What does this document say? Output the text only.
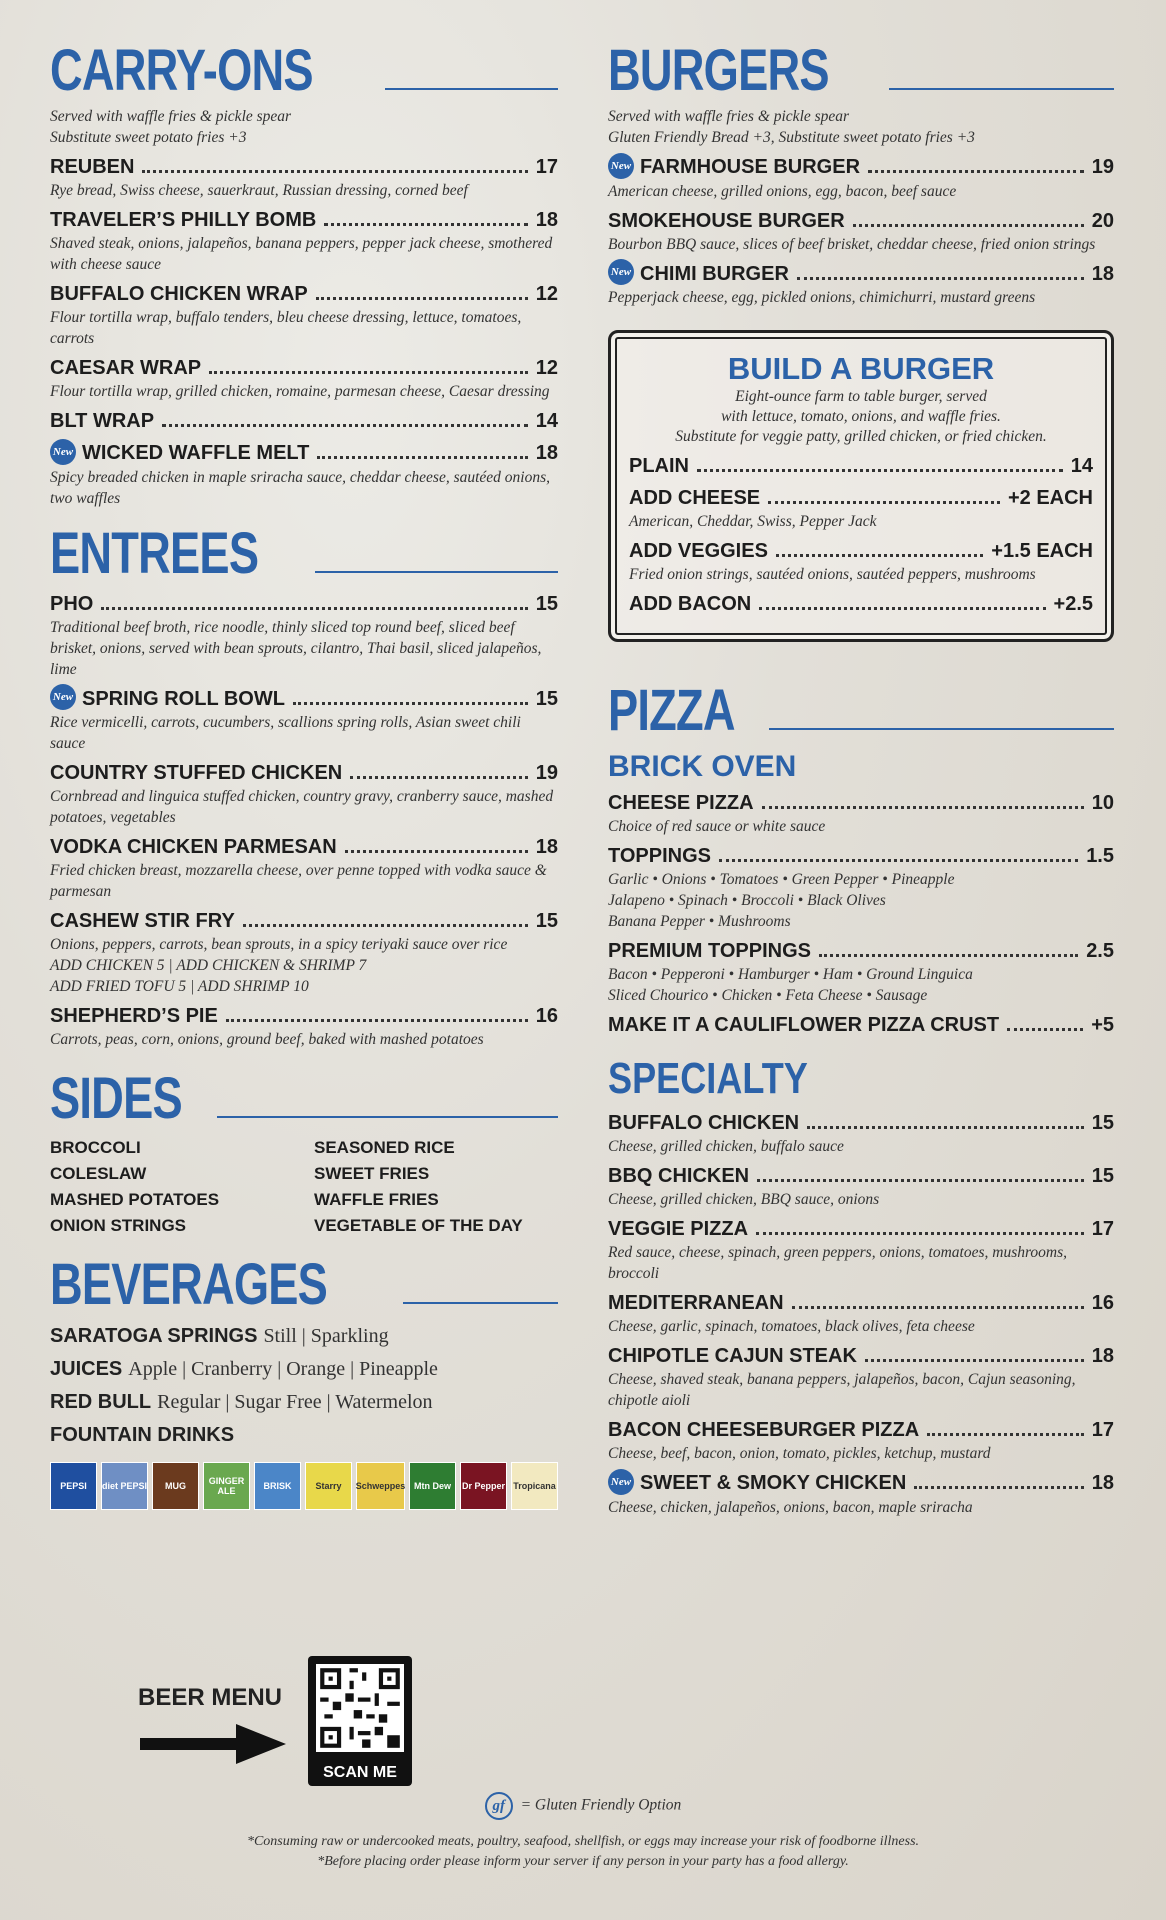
CARRY-ONS
Served with waffle fries & pickle spear
Substitute sweet potato fries +3
REUBEN	17
Rye bread, Swiss cheese, sauerkraut, Russian dressing, corned beef
TRAVELER’S PHILLY BOMB	18
Shaved steak, onions, jalapeños, banana peppers, pepper jack cheese, smothered with cheese sauce
BUFFALO CHICKEN WRAP	12
Flour tortilla wrap, buffalo tenders, bleu cheese dressing, lettuce, tomatoes, carrots
CAESAR WRAP	12
Flour tortilla wrap, grilled chicken, romaine, parmesan cheese, Caesar dressing
BLT WRAP	14
New WICKED WAFFLE MELT	18
Spicy breaded chicken in maple sriracha sauce, cheddar cheese, sautéed onions, two waffles
ENTREES
PHO	15
Traditional beef broth, rice noodle, thinly sliced top round beef, sliced beef brisket, onions, served with bean sprouts, cilantro, Thai basil, sliced jalapeños, lime
New SPRING ROLL BOWL	15
Rice vermicelli, carrots, cucumbers, scallions spring rolls, Asian sweet chili sauce
COUNTRY STUFFED CHICKEN	19
Cornbread and linguica stuffed chicken, country gravy, cranberry sauce, mashed potatoes, vegetables
VODKA CHICKEN PARMESAN	18
Fried chicken breast, mozzarella cheese, over penne topped with vodka sauce & parmesan
CASHEW STIR FRY	15
Onions, peppers, carrots, bean sprouts, in a spicy teriyaki sauce over rice
ADD CHICKEN 5 | ADD CHICKEN & SHRIMP 7
ADD FRIED TOFU 5 | ADD SHRIMP 10
SHEPHERD’S PIE	16
Carrots, peas, corn, onions, ground beef, baked with mashed potatoes
SIDES
BROCCOLI	SEASONED RICE
COLESLAW	SWEET FRIES
MASHED POTATOES	WAFFLE FRIES
ONION STRINGS	VEGETABLE OF THE DAY
BEVERAGES
SARATOGA SPRINGS Still | Sparkling
JUICES Apple | Cranberry | Orange | Pineapple
RED BULL Regular | Sugar Free | Watermelon
FOUNTAIN DRINKS
PEPSI	diet PEPSI	MUG	GINGER ALE	BRISK	Starry	Schweppes Mtn Dew	Dr Pepper Tropicana
BURGERS
Served with waffle fries & pickle spear
Gluten Friendly Bread +3, Substitute sweet potato fries +3
New FARMHOUSE BURGER	19
American cheese, grilled onions, egg, bacon, beef sauce
SMOKEHOUSE BURGER	20
Bourbon BBQ sauce, slices of beef brisket, cheddar cheese, fried onion strings
New CHIMI BURGER	18
Pepperjack cheese, egg, pickled onions, chimichurri, mustard greens
BUILD A BURGER
Eight-ounce farm to table burger, served
with lettuce, tomato, onions, and waffle fries.
Substitute for veggie patty, grilled chicken, or fried chicken.
PLAIN	14
ADD CHEESE	+2 EACH
American, Cheddar, Swiss, Pepper Jack
ADD VEGGIES	+1.5 EACH
Fried onion strings, sautéed onions, sautéed peppers, mushrooms
ADD BACON	+2.5
PIZZA
BRICK OVEN
CHEESE PIZZA	10
Choice of red sauce or white sauce
TOPPINGS	1.5
Garlic • Onions • Tomatoes • Green Pepper • Pineapple
Jalapeno • Spinach • Broccoli • Black Olives
Banana Pepper • Mushrooms
PREMIUM TOPPINGS	2.5
Bacon • Pepperoni • Hamburger • Ham • Ground Linguica
Sliced Chourico • Chicken • Feta Cheese • Sausage
MAKE IT A CAULIFLOWER PIZZA CRUST	+5
SPECIALTY
BUFFALO CHICKEN	15
Cheese, grilled chicken, buffalo sauce
BBQ CHICKEN	15
Cheese, grilled chicken, BBQ sauce, onions
VEGGIE PIZZA	17
Red sauce, cheese, spinach, green peppers, onions, tomatoes, mushrooms, broccoli
MEDITERRANEAN	16
Cheese, garlic, spinach, tomatoes, black olives, feta cheese
CHIPOTLE CAJUN STEAK	18
Cheese, shaved steak, banana peppers, jalapeños, bacon, Cajun seasoning, chipotle aioli
BACON CHEESEBURGER PIZZA	17
Cheese, beef, bacon, onion, tomato, pickles, ketchup, mustard
New SWEET & SMOKY CHICKEN	18
Cheese, chicken, jalapeños, onions, bacon, maple sriracha
BEER MENU
SCAN ME
gf = Gluten Friendly Option
*Consuming raw or undercooked meats, poultry, seafood, shellfish, or eggs may increase your risk of foodborne illness.
*Before placing order please inform your server if any person in your party has a food allergy.
